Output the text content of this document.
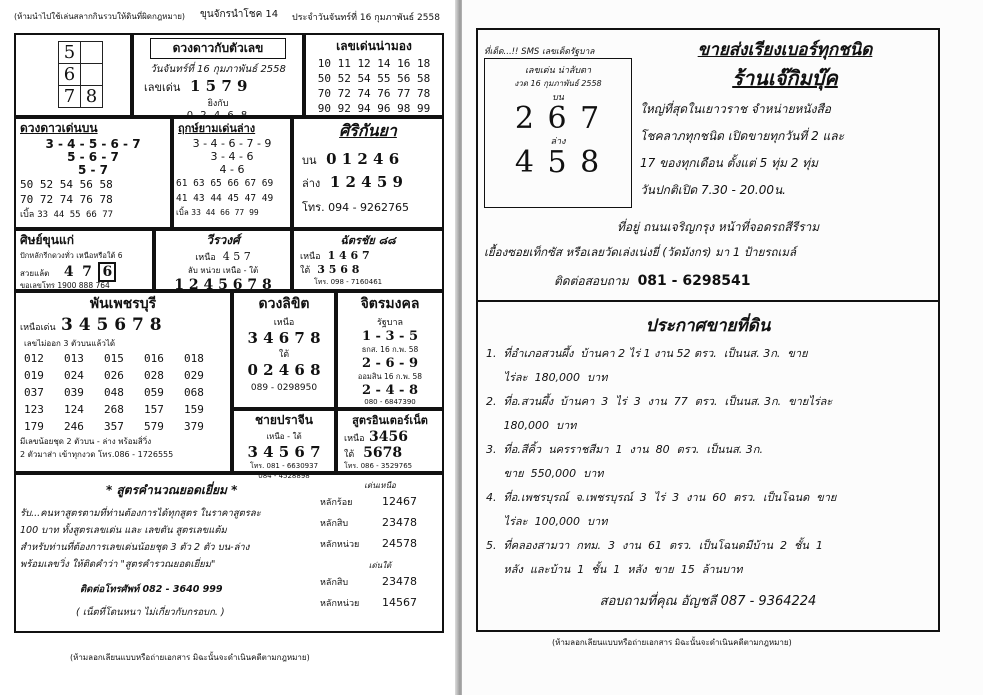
(ห้ามนำไปใช้เล่นสลากกินรวบให้ดินที่ผิดกฎหมาย) ขุนจักรนำโชค 14 ประจำวันจันทร์ที่ 16 กุมภาพันธ์ 2558
5	
6	
7	8
ดวงดาวกับตัวเลข
วันจันทร์ที่ 16 กุมภาพันธ์ 2558
เลขเด่น 1 5 7 9
ยิงกับ
0 2 4 6 8
เลขเด่นน่ามอง
10 11 12 14 16 18
50 52 54 55 56 58
70 72 74 76 77 78
90 92 94 96 98 99
ดวงดาวเด่นบน
3 - 4 - 5 - 6 - 7
5 - 6 - 7
5 - 7
50 52 54 56 58
70 72 74 76 78
เบิ้ล 33 44 55 66 77
ฤกษ์ยามเด่นล่าง
3 - 4 - 6 - 7 - 9
3 - 4 - 6
4 - 6
61 63 65 66 67 69
41 43 44 45 47 49
เบิ้ล 33 44 66 77 99
ศิริกันยา
บน 0 1 2 4 6
ล่าง 1 2 4 5 9
โทร. 094 - 9262765
ศิษย์ขุนแก่
ปักหลักรีกดวงทั่ว เหนือหรือใต้ 6
สวยแล้ต 4 7 6
ขอเลขโทร 1900 888 764
วีรวงศ์
เหนือ 4 5 7
ลับ หน่วย เหนือ - ใต้
1 2 4 5 6 7 8
ฉัตรชัย ๘๘
เหนือ 1 4 6 7
ใต้ 3 5 6 8
โทร. 098 - 7160461
พันเพชรบุรี
เหนือเด่น 3 4 5 6 7 8
เลขไม่ออก 3 ตัวบนแล้วได้
012 013 015 016 018
019 024 026 028 029
037 039 048 059 068
123 124 268 157 159
179 246 357 579 379
มีเลขน้อยชุด 2 ตัวบน - ล่าง พร้อมสิ่วิ่ง
2 ตัวมาส่า เข้าทุกงวด โทร.086 - 1726555
ดวงลิขิต
เหนือ
3 4 6 7 8
ใต้
0 2 4 6 8
089 - 0298950
จิตรมงคล
รัฐบาล
1 - 3 - 5
ธกส. 16 ก.พ. 58
2 - 6 - 9
ออมสิน 16 ก.พ. 58
2 - 4 - 8
080 - 6847390
ชายปราจีน
เหนือ - ใต้
3 4 5 6 7
โทร. 081 - 6630937
084 - 4528898
สูตรอินเตอร์เน็ต
เหนือ 3456
ใต้ 5678
โทร. 086 - 3529765
* สูตรคำนวณยอดเยี่ยม *
รับ...คนหาสูตรตามที่ท่านต้องการได้ทุกสูตร ในราคาสูตรละ
100 บาท ทั้งสูตรเลขเด่น และ เลขตัน สูตรเลขแต้ม
สำหรับท่านที่ต้องการเลขเด่นน้อยชุด 3 ตัว 2 ตัว บน-ล่าง
พร้อมเลขวิ่ง ให้ติดคำว่า "สูตรคำรวณยอดเยี่ยม"
ติดต่อโทรศัพท์ 082 - 3640 999
( เน็ตที่โดนหนา ไม่เกี่ยวกับกรอบก. )
เด่นเหนือ
หลักร้อย	12467
หลักสิบ	23478
หลักหน่วย 24578
เด่นใต้
หลักสิบ	23478
หลักหน่วย 14567
(ห้ามลอกเลียนแบบหรือถ่ายเอกสาร มิฉะนั้นจะดำเนินคดีตามกฎหมาย)
ที่เด็ด...!! SMS เลขเด็ดรัฐบาล
เลขเด่น น่าลับตา
งวด 16 กุมภาพันธ์ 2558
บน
2 6 7
ล่าง
4 5 8
ขายส่งเรียงเบอร์ทุกชนิด
ร้านเจ๊กิมบุ๊ค
ใหญ่ที่สุดในเยาวราช จำหน่ายหนังสือ
โชคลาภทุกชนิด เปิดขายทุกวันที่ 2 และ
17 ของทุกเดือน ตั้งแต่ 5 ทุ่ม 2 ทุ่ม
วันปกติเปิด 7.30 - 20.00น.
ที่อยู่ ถนนเจริญกรุง หน้าที่จอดรถสีรีราม
เยื้องซอยเท็กซัส หรือเลยวัดเล่งเน่งยี่ (วัดมังกร) มา 1 ป้ายรถเมล์
ติดต่อสอบถาม 081 - 6298541
ประกาศขายที่ดิน
1.  ที่อำเภอสวนผึ้ง  บ้านคา 2 ไร่ 1 งาน 52 ตรว.  เป็นนส. 3ก.  ขาย
ไร่ละ  180,000  บาท
2.  ที่อ.สวนผึ้ง  บ้านคา  3  ไร่  3  งาน  77  ตรว.  เป็นนส. 3ก.  ขายไร่ละ
180,000  บาท
3.  ที่อ.สีคิ้ว  นครราชสีมา  1  งาน  80  ตรว.  เป็นนส. 3ก.
ขาย  550,000  บาท
4.  ที่อ.เพชรบุรณ์  จ.เพชรบุรณ์  3  ไร่  3  งาน  60  ตรว.  เป็นโฉนด  ขาย
ไร่ละ  100,000  บาท
5.  ที่คลองสามวา  กทม.  3  งาน  61  ตรว.  เป็นโฉนดมีบ้าน  2  ชั้น  1
หลัง  และบ้าน  1  ชั้น  1  หลัง  ขาย  15  ล้านบาท
สอบถามที่คุณ อัญชลี 087 - 9364224
(ห้ามลอกเลียนแบบหรือถ่ายเอกสาร มิฉะนั้นจะดำเนินคดีตามกฎหมาย)
